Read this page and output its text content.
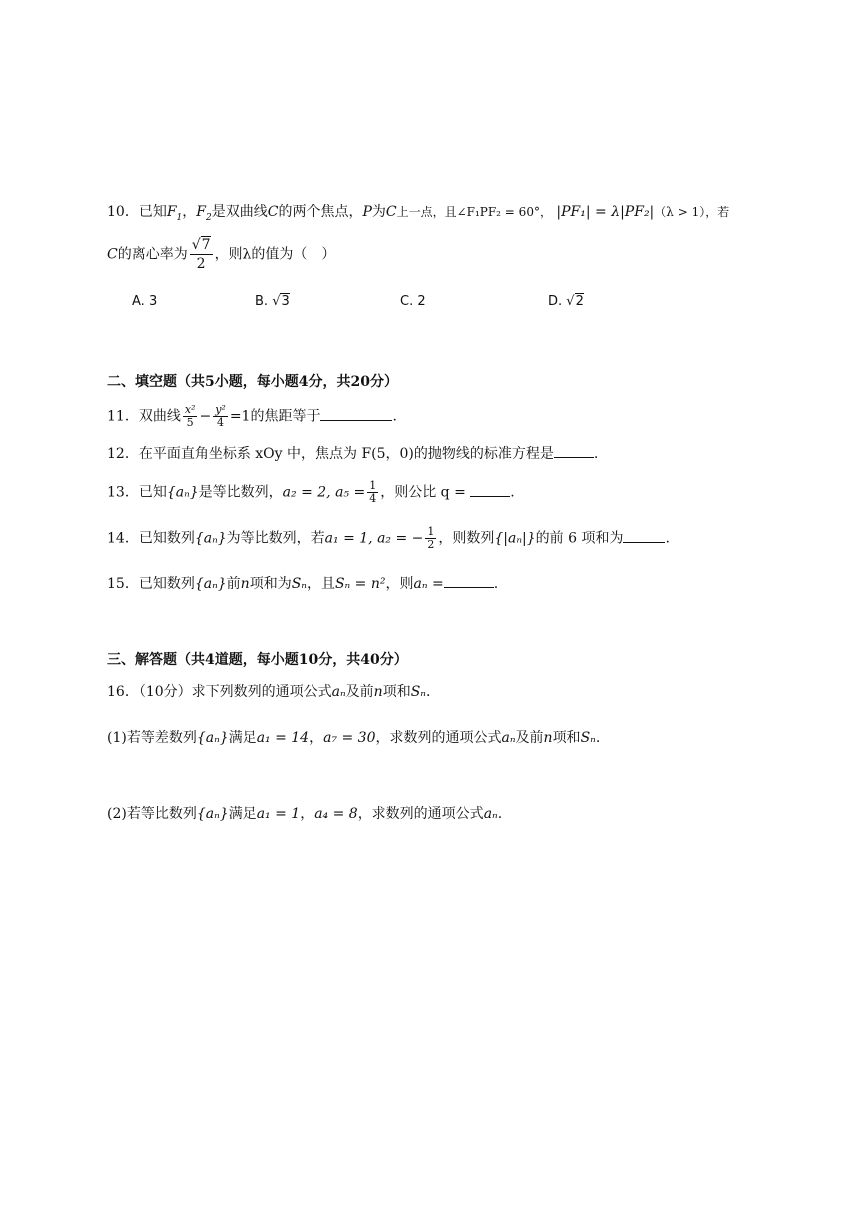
10．已知$F_1$，$F_2$是双曲线C的两个焦点，P为C上一点，且∠F₁PF₂ = 60°， |PF₁| = λ|PF₂|（λ > 1），若
C的离心率为 $\frac{√7}{2}$ ，则λ的值为（　）
A. 3	B. √3	C. 2	D. √2
二、填空题（共5小题，每小题4分，共20分）
11．双曲线 $\frac{\text{x²}}{5} - \frac{\text{y²}}{4} =1$的焦距等于	.
12．在平面直角坐标系 xOy 中，焦点为 F(5，0)的抛物线的标准方程是	.
13．已知{aₙ}是等比数列，a₂ = 2, $a_5 = \frac{1}{4}$ ，则公比 q =	.
14．已知数列{aₙ}为等比数列，若a₁ = 1, a₂ = − $\frac{1}{2}$ ，则数列{|aₙ|}的前 6 项和为	.
15．已知数列{aₙ}前n项和为Sₙ，且Sₙ = n²，则aₙ =	.
三、解答题（共4道题，每小题10分，共40分）
16．（10分）求下列数列的通项公式aₙ及前n项和Sₙ.
(1)若等差数列{aₙ}满足a₁ = 14，a₇ = 30，求数列的通项公式aₙ及前n项和Sₙ.
(2)若等比数列{aₙ}满足a₁ = 1，a₄ = 8，求数列的通项公式aₙ.
